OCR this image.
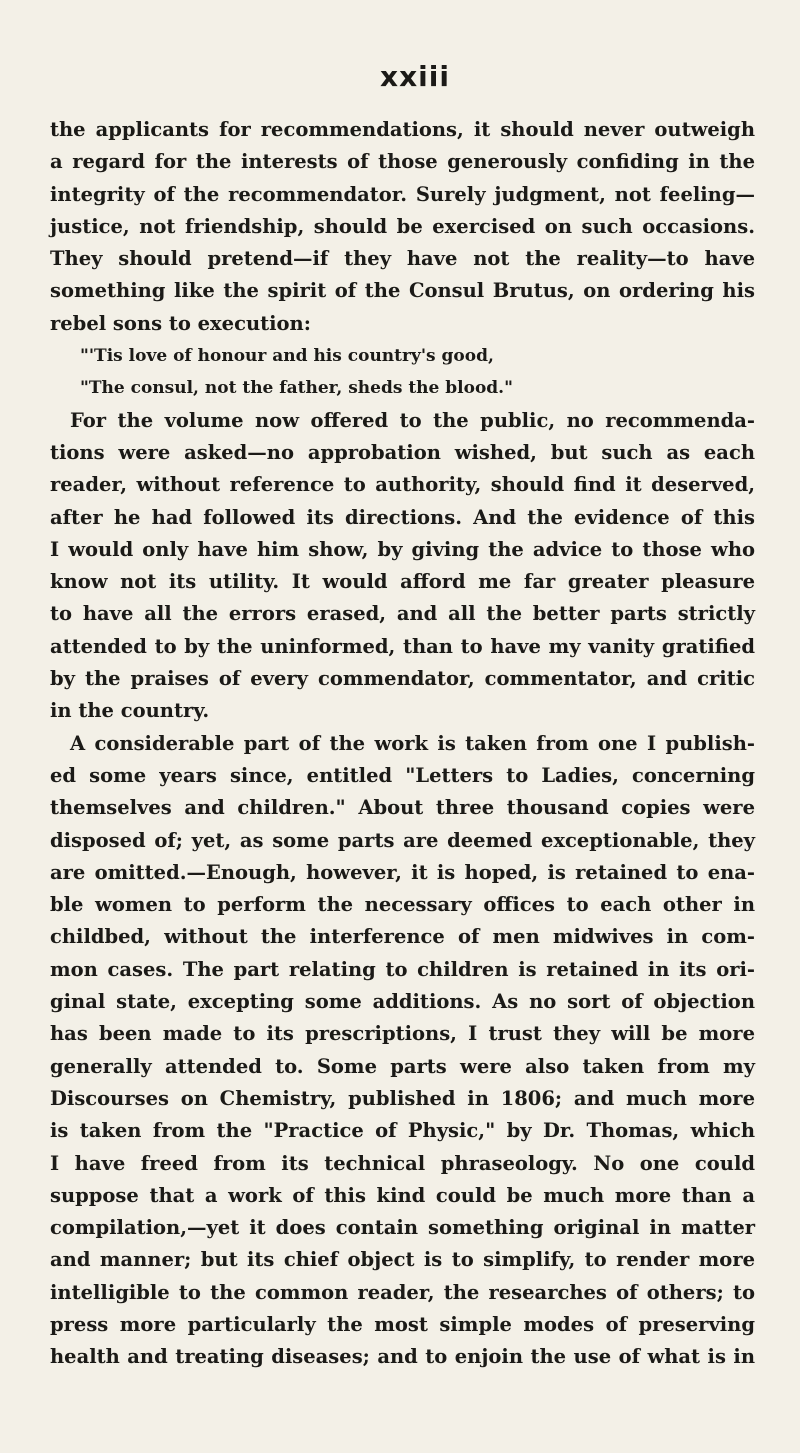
xxiii
the applicants for recommendations, it should never outweigh
a regard for the interests of those generously confiding in the
integrity of the recommendator. Surely judgment, not feeling—
justice, not friendship, should be exercised on such occasions.
They should pretend—if they have not the reality—to have
something like the spirit of the Consul Brutus, on ordering his
rebel sons to execution:
"'Tis love of honour and his country's good,
"The consul, not the father, sheds the blood."
For the volume now offered to the public, no recommenda-
tions were asked—no approbation wished, but such as each
reader, without reference to authority, should find it deserved,
after he had followed its directions. And the evidence of this
I would only have him show, by giving the advice to those who
know not its utility. It would afford me far greater pleasure
to have all the errors erased, and all the better parts strictly
attended to by the uninformed, than to have my vanity gratified
by the praises of every commendator, commentator, and critic
in the country.
A considerable part of the work is taken from one I publish-
ed some years since, entitled "Letters to Ladies, concerning
themselves and children." About three thousand copies were
disposed of; yet, as some parts are deemed exceptionable, they
are omitted.—Enough, however, it is hoped, is retained to ena-
ble women to perform the necessary offices to each other in
childbed, without the interference of men midwives in com-
mon cases. The part relating to children is retained in its ori-
ginal state, excepting some additions. As no sort of objection
has been made to its prescriptions, I trust they will be more
generally attended to. Some parts were also taken from my
Discourses on Chemistry, published in 1806; and much more
is taken from the "Practice of Physic," by Dr. Thomas, which
I have freed from its technical phraseology. No one could
suppose that a work of this kind could be much more than a
compilation,—yet it does contain something original in matter
and manner; but its chief object is to simplify, to render more
intelligible to the common reader, the researches of others; to
press more particularly the most simple modes of preserving
health and treating diseases; and to enjoin the use of what is in
